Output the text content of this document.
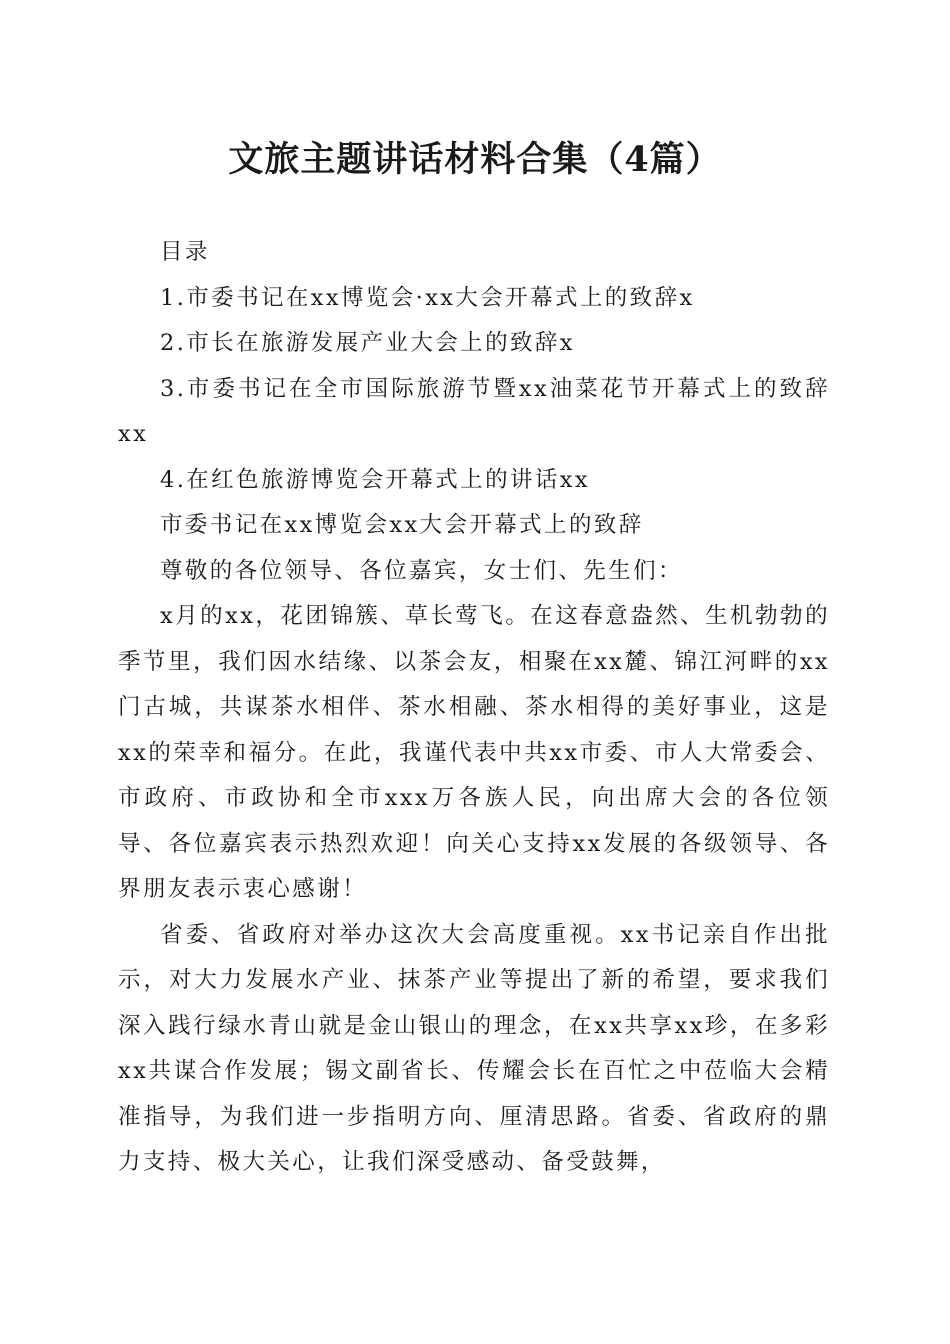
文旅主题讲话材料合集（4篇）

目录

1.市委书记在xx博览会·xx大会开幕式上的致辞x

2.市长在旅游发展产业大会上的致辞x

3.市委书记在全市国际旅游节暨xx油菜花节开幕式上的致辞xx

4.在红色旅游博览会开幕式上的讲话xx

市委书记在xx博览会xx大会开幕式上的致辞

尊敬的各位领导、各位嘉宾，女士们、先生们：

x月的xx，花团锦簇、草长莺飞。在这春意盎然、生机勃勃的季节里，我们因水结缘、以茶会友，相聚在xx麓、锦江河畔的xx门古城，共谋茶水相伴、茶水相融、茶水相得的美好事业，这是xx的荣幸和福分。在此，我谨代表中共xx市委、市人大常委会、市政府、市政协和全市xxx万各族人民，向出席大会的各位领导、各位嘉宾表示热烈欢迎！向关心支持xx发展的各级领导、各界朋友表示衷心感谢！

省委、省政府对举办这次大会高度重视。xx书记亲自作出批示，对大力发展水产业、抹茶产业等提出了新的希望，要求我们深入践行绿水青山就是金山银山的理念，在xx共享xx珍，在多彩xx共谋合作发展；锡文副省长、传耀会长在百忙之中莅临大会精准指导，为我们进一步指明方向、厘清思路。省委、省政府的鼎力支持、极大关心，让我们深受感动、备受鼓舞，
